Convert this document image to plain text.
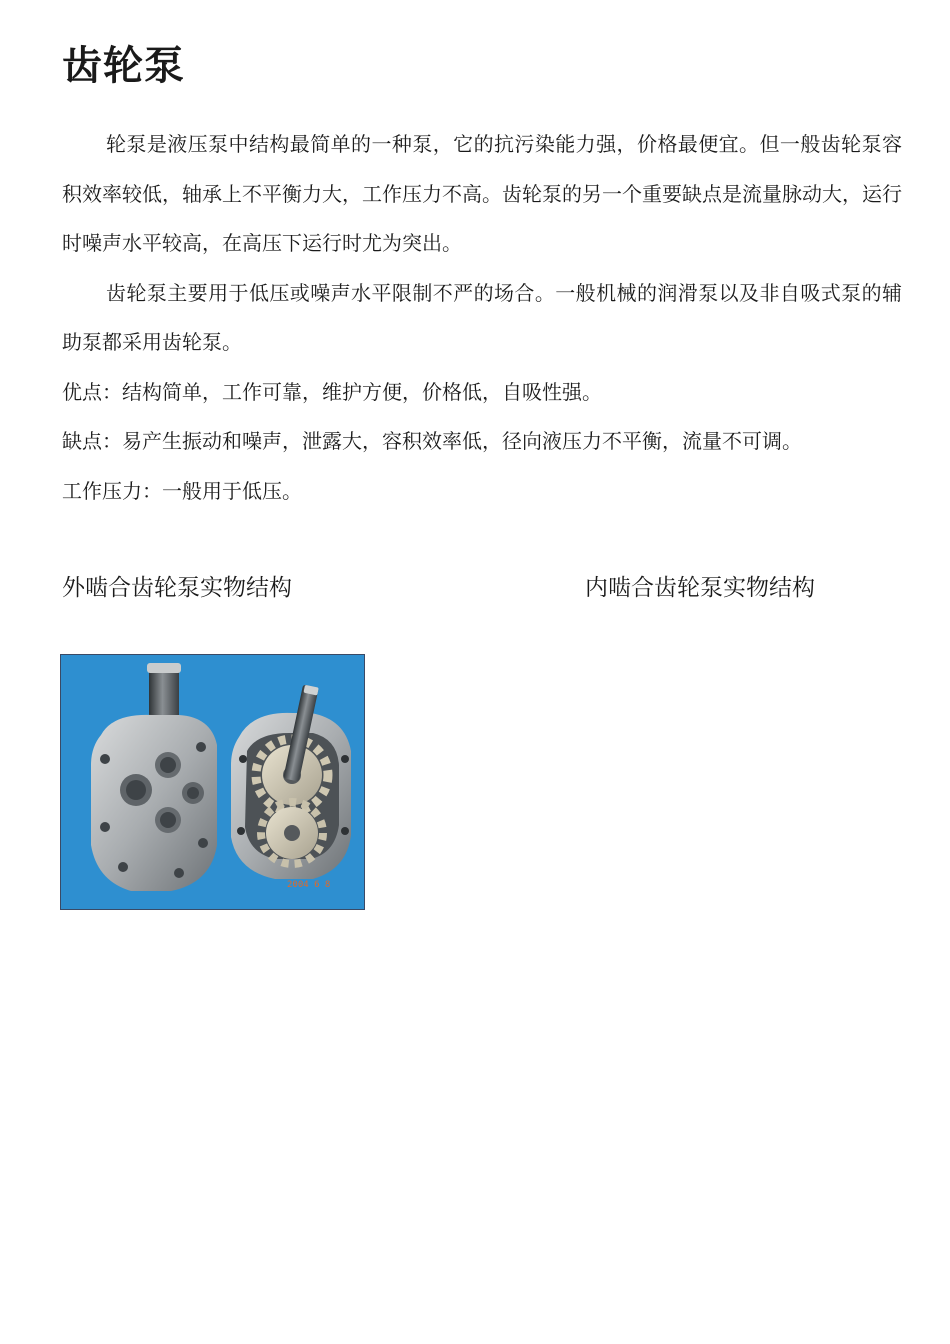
齿轮泵

轮泵是液压泵中结构最简单的一种泵，它的抗污染能力强，价格最便宜。但一般齿轮泵容积效率较低，轴承上不平衡力大，工作压力不高。齿轮泵的另一个重要缺点是流量脉动大，运行时噪声水平较高，在高压下运行时尤为突出。

齿轮泵主要用于低压或噪声水平限制不严的场合。一般机械的润滑泵以及非自吸式泵的辅助泵都采用齿轮泵。

优点：结构简单，工作可靠，维护方便，价格低，自吸性强。

缺点：易产生振动和噪声，泄露大，容积效率低，径向液压力不平衡，流量不可调。

工作压力：一般用于低压。

外啮合齿轮泵实物结构	内啮合齿轮泵实物结构
2004 6 8
